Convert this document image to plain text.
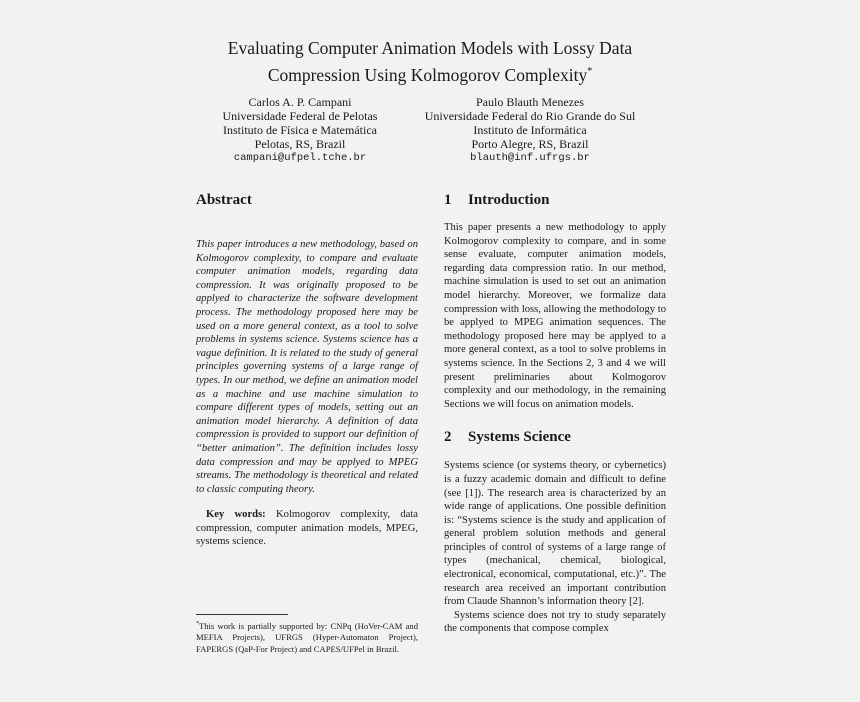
Evaluating Computer Animation Models with Lossy Data
Compression Using Kolmogorov Complexity*
Carlos A. P. Campani
Universidade Federal de Pelotas
Instituto de Física e Matemática
Pelotas, RS, Brazil
campani@ufpel.tche.br
Paulo Blauth Menezes
Universidade Federal do Rio Grande do Sul
Instituto de Informática
Porto Alegre, RS, Brazil
blauth@inf.ufrgs.br
Abstract

This paper introduces a new methodology, based on Kolmogorov complexity, to compare and evaluate computer animation models, regarding data compression. It was originally proposed to be applyed to characterize the software development process. The methodology proposed here may be used on a more general context, as a tool to solve problems in systems science. Systems science has a vague definition. It is related to the study of general principles governing systems of a large range of types. In our method, we define an animation model as a machine and use machine simulation to compare different types of models, setting out an animation model hierarchy. A definition of data compression is provided to support our definition of “better animation”. The definition includes lossy data compression and may be applyed to MPEG streams. The methodology is theoretical and related to classic computing theory.

Key words: Kolmogorov complexity, data compression, computer animation models, MPEG, systems science.

*This work is partially supported by: CNPq (HoVer-CAM and MEFIA Projects), UFRGS (Hyper-Automaton Project), FAPERGS (QaP-For Project) and CAPES/UFPel in Brazil.
1 Introduction

This paper presents a new methodology to apply Kolmogorov complexity to compare, and in some sense evaluate, computer animation models, regarding data compression ratio. In our method, machine simulation is used to set out an animation model hierarchy. Moreover, we formalize data compression with loss, allowing the methodology to be applyed to MPEG animation sequences. The methodology proposed here may be applyed to a more general context, as a tool to solve problems in systems science. In the Sections 2, 3 and 4 we will present preliminaries about Kolmogorov complexity and our methodology, in the remaining Sections we will focus on animation models.

2 Systems Science

Systems science (or systems theory, or cybernetics) is a fuzzy academic domain and difficult to define (see [1]). The research area is characterized by an wide range of applications. One possible definition is: “Systems science is the study and application of general problem solution methods and general principles of control of systems of a large range of types (mechanical, chemical, biological, electronical, economical, computational, etc.)”. The research area received an important contribution from Claude Shannon’s information theory [2].

Systems science does not try to study separately the components that compose complex
